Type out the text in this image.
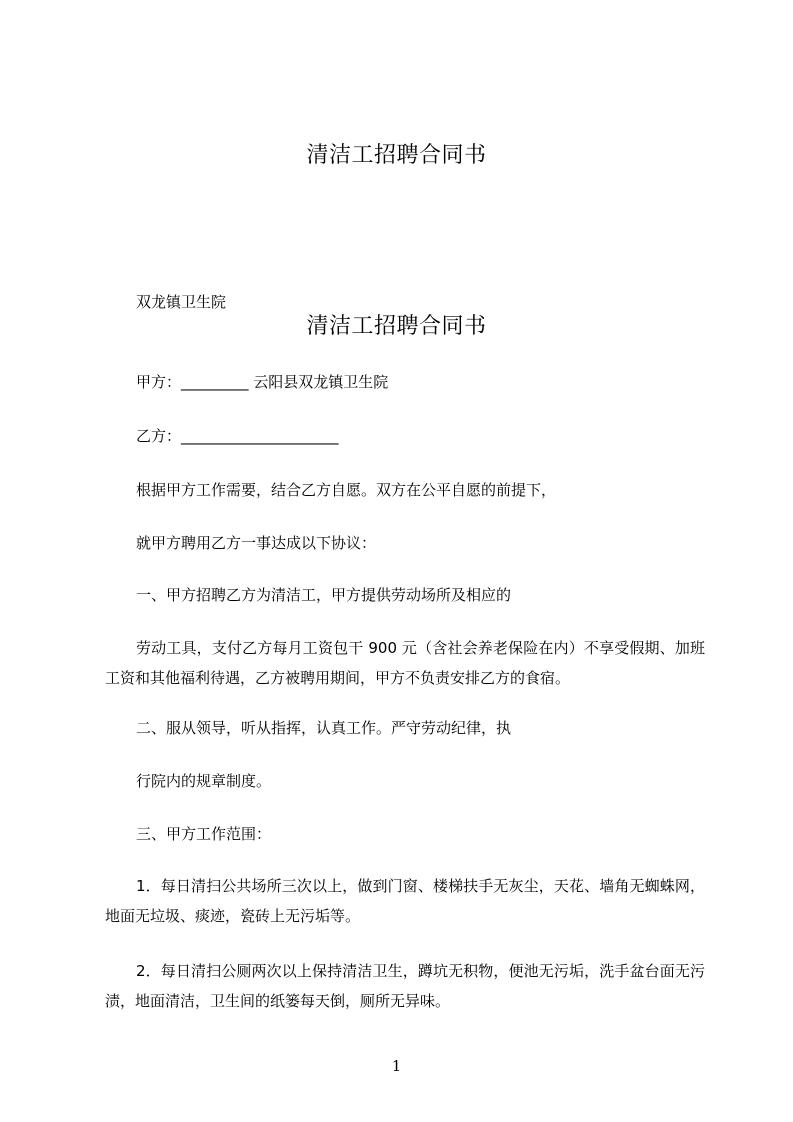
清洁工招聘合同书
双龙镇卫生院
清洁工招聘合同书
甲方：_________ 云阳县双龙镇卫生院
乙方：_____________________
根据甲方工作需要，结合乙方自愿。双方在公平自愿的前提下，
就甲方聘用乙方一事达成以下协议：
一、甲方招聘乙方为清洁工，甲方提供劳动场所及相应的
劳动工具，支付乙方每月工资包干 900 元（含社会养老保险在内）不享受假期、加班工资和其他福利待遇，乙方被聘用期间，甲方不负责安排乙方的食宿。
二、服从领导，听从指挥，认真工作。严守劳动纪律，执
行院内的规章制度。
三、甲方工作范围：
1．每日清扫公共场所三次以上，做到门窗、楼梯扶手无灰尘，天花、墙角无蜘蛛网，地面无垃圾、痰迹，瓷砖上无污垢等。
2．每日清扫公厕两次以上保持清洁卫生，蹲坑无积物，便池无污垢，洗手盆台面无污渍，地面清洁，卫生间的纸篓每天倒，厕所无异味。
1
